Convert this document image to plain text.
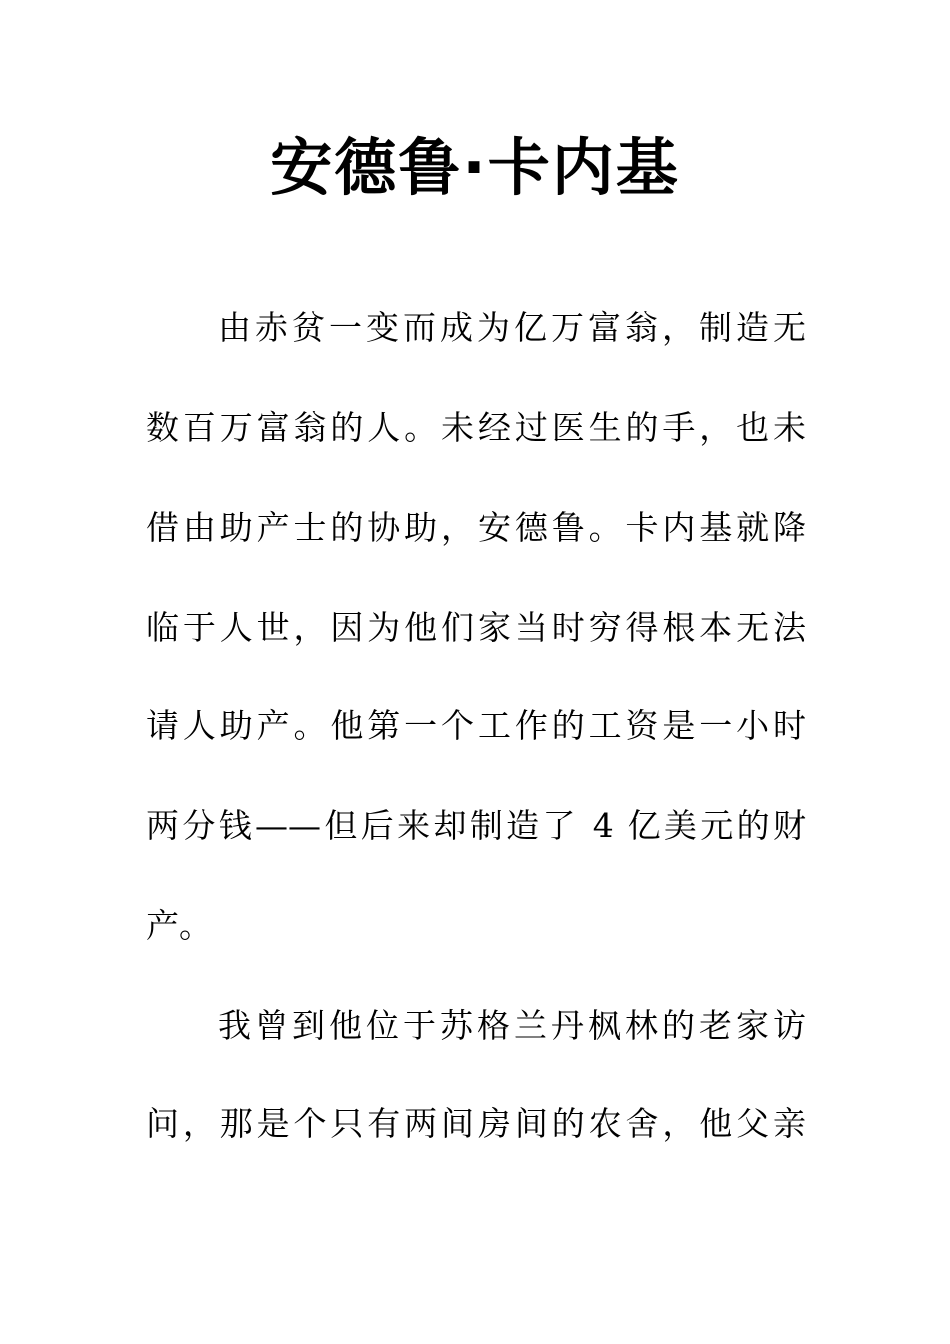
安德鲁·卡内基

由赤贫一变而成为亿万富翁，制造无

数百万富翁的人。未经过医生的手，也未

借由助产士的协助，安德鲁。卡内基就降

临于人世，因为他们家当时穷得根本无法

请人助产。他第一个工作的工资是一小时

两分钱——但后来却制造了 4 亿美元的财

产。

我曾到他位于苏格兰丹枫林的老家访

问，那是个只有两间房间的农舍，他父亲
